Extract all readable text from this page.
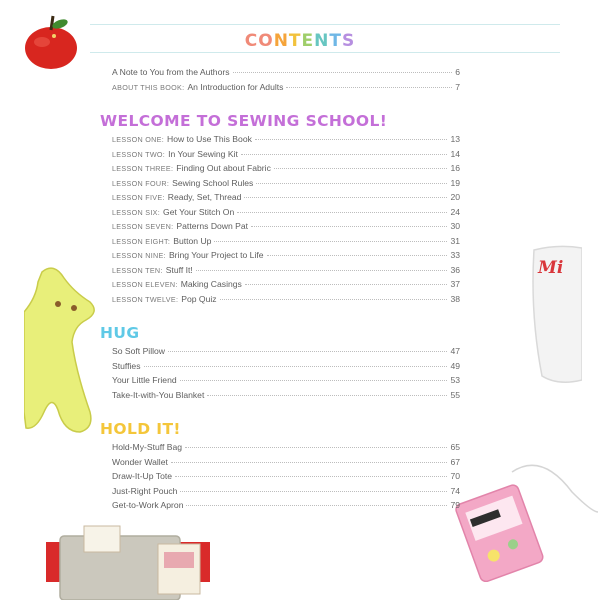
CONTENTS
Mi
A Note to You from the Authors	6
ABOUT THIS BOOK: An Introduction for Adults	7
LESSON ONE: How to Use This Book	13
LESSON TWO: In Your Sewing Kit	14
LESSON THREE: Finding Out about Fabric	16
LESSON FOUR: Sewing School Rules	19
LESSON FIVE: Ready, Set, Thread	20
LESSON SIX: Get Your Stitch On	24
LESSON SEVEN: Patterns Down Pat	30
LESSON EIGHT: Button Up	31
LESSON NINE: Bring Your Project to Life	33
LESSON TEN: Stuff It!	36
LESSON ELEVEN: Making Casings	37
LESSON TWELVE: Pop Quiz	38
So Soft Pillow	47
Stuffies	49
Your Little Friend	53
Take-It-with-You Blanket	55
Hold-My-Stuff Bag	65
Wonder Wallet	67
Draw-It-Up Tote	70
Just-Right Pouch	74
Get-to-Work Apron	79
WELCOME TO SEWING SCHOOL!
HUG
HOLD IT!
